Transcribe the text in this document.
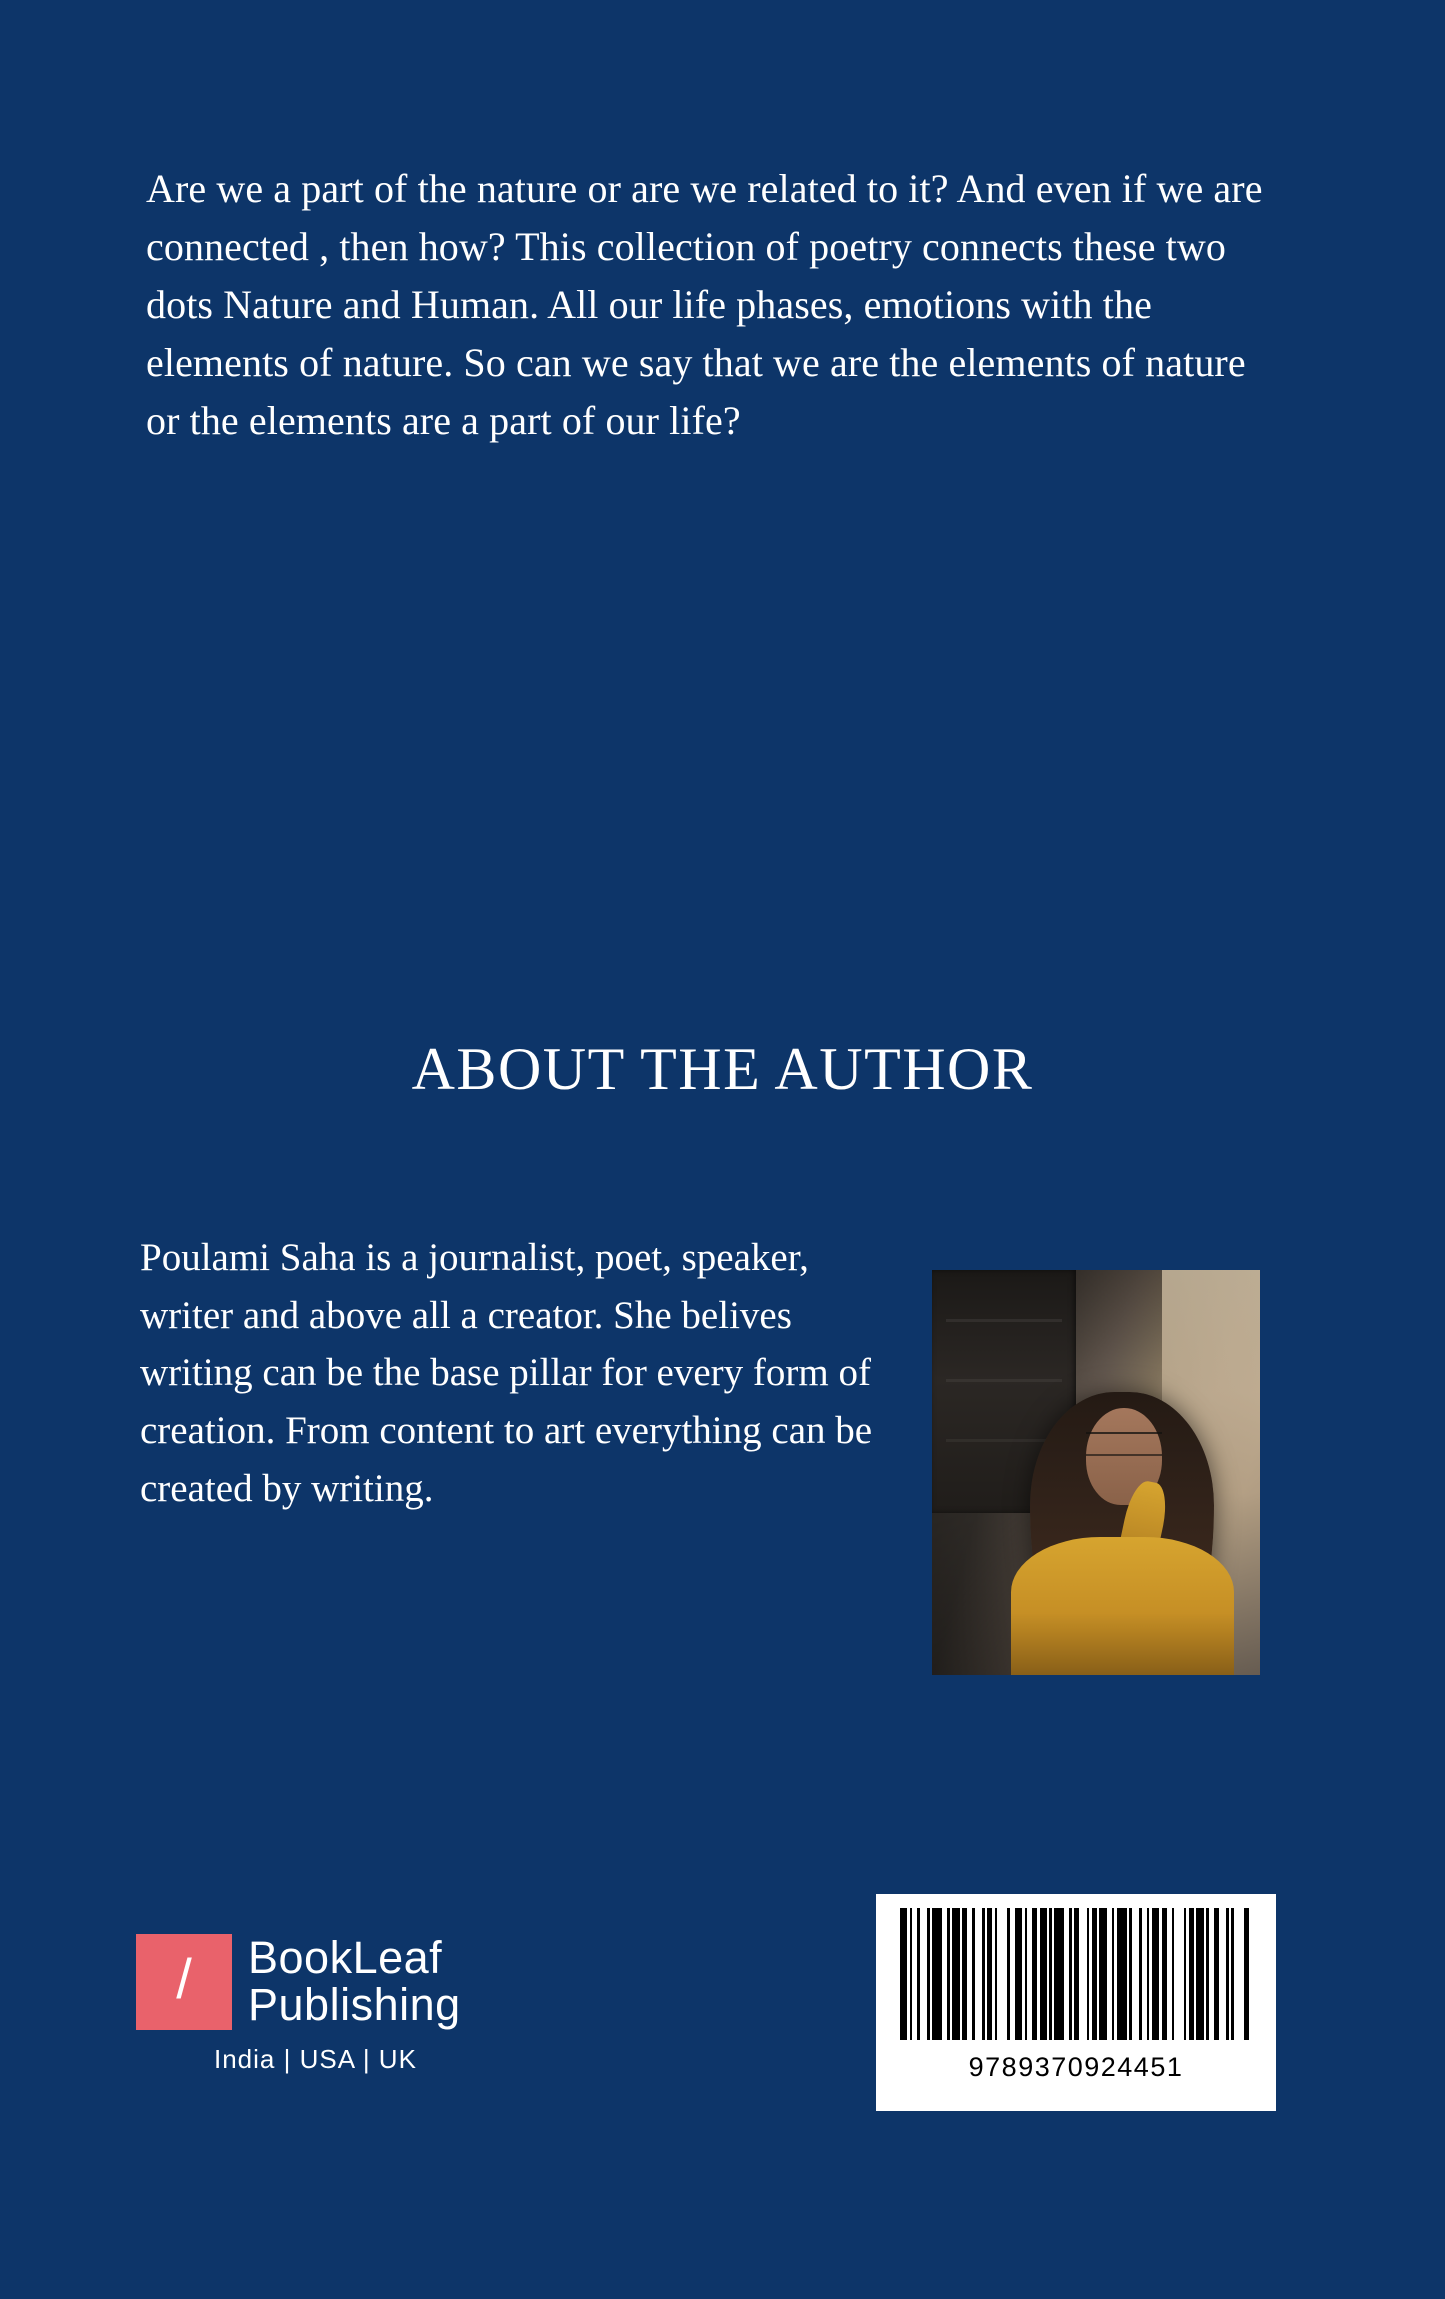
Are we a part of the nature or are we related to it? And even if we are connected , then how? This collection of poetry connects these two dots Nature and Human. All our life phases, emotions with the elements of nature. So can we say that we are the elements of nature or the elements are a part of our life?

ABOUT THE AUTHOR

Poulami Saha is a journalist, poet, speaker, writer and above all a creator. She belives writing can be the base pillar for every form of creation. From content to art everything can be created by writing.

/ BookLeaf
Publishing
India | USA | UK	9789370924451
